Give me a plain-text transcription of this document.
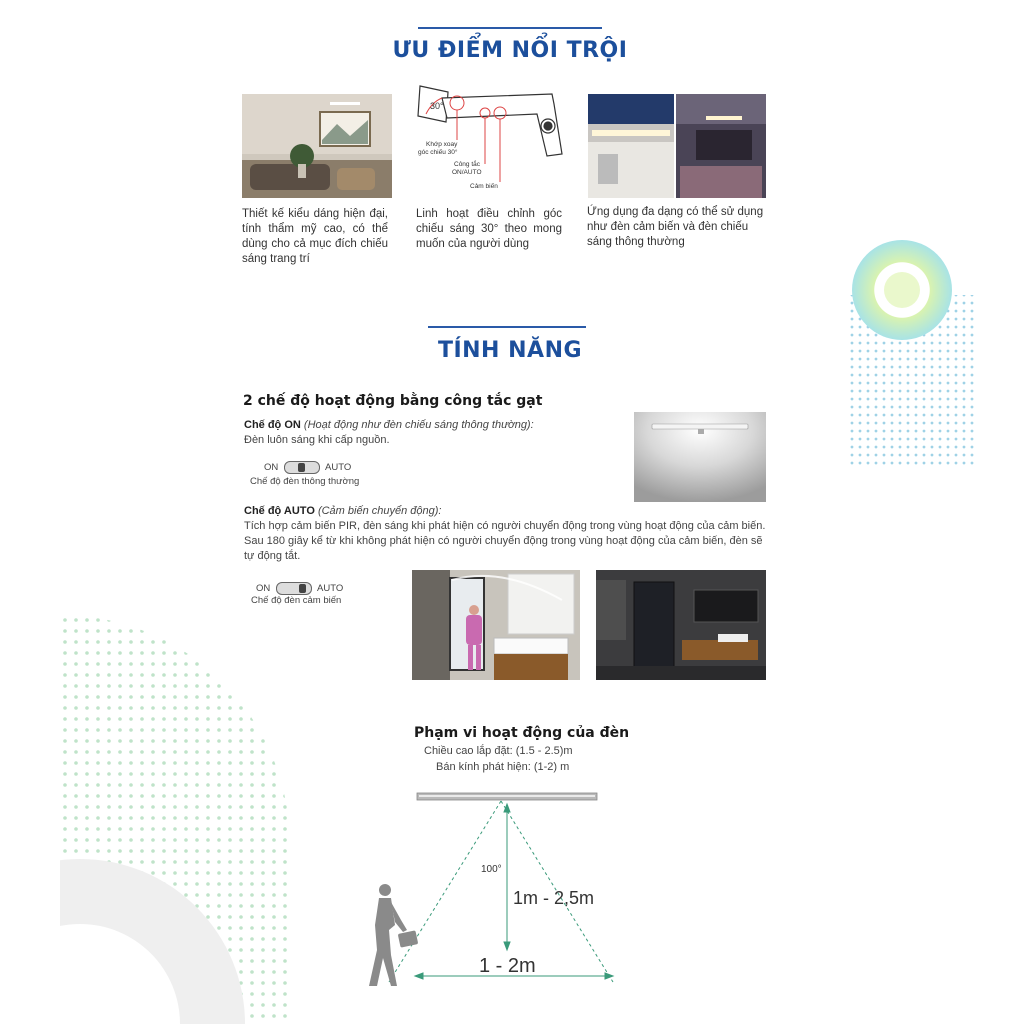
ƯU ĐIỂM NỔI TRỘI
30°
Khớp xoay
góc chiếu 30°
Công tắc
ON/AUTO
Cảm biến
Thiết kế kiểu dáng hiện đại, tính thẩm mỹ cao, có thể dùng cho cả mục đích chiếu sáng trang trí
Linh hoạt điều chỉnh góc chiếu sáng 30° theo mong muốn của người dùng
Ứng dụng đa dạng có thể sử dụng như đèn cảm biến và đèn chiếu sáng thông thường
TÍNH NĂNG
2 chế độ hoạt động bằng công tắc gạt
Chế độ ON (Hoạt động như đèn chiếu sáng thông thường):
Đèn luôn sáng khi cấp nguồn.
ON	AUTO
Chế độ đèn thông thường
Chế độ AUTO (Cảm biến chuyển động):
Tích hợp cảm biến PIR, đèn sáng khi phát hiện có người chuyển động trong vùng hoạt động của cảm biến. Sau 180 giây kể từ khi không phát hiện có người chuyển động trong vùng hoạt động của cảm biến, đèn sẽ tự động tắt.
ON	AUTO
Chế độ đèn cảm biến
Phạm vi hoạt động của đèn
Chiều cao lắp đặt: (1.5 - 2.5)m
Bán kính phát hiện: (1-2) m
100°
1m - 2,5m
1 - 2m
